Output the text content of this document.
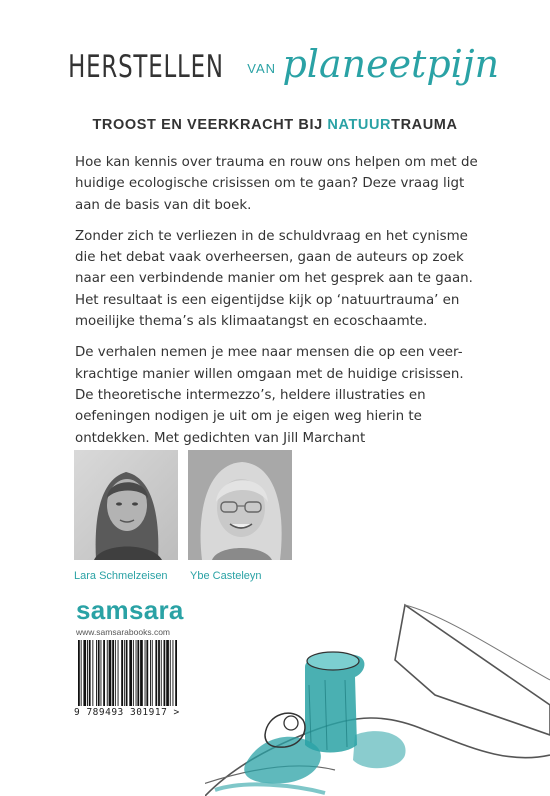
HERSTELLEN $^{VAN}$ planeetpijn
TROOST EN VEERKRACHT BIJ NATUURTRAUMA

Hoe kan kennis over trauma en rouw ons helpen om met de huidige ecologische crisissen om te gaan? Deze vraag ligt aan de basis van dit boek.

Zonder zich te verliezen in de schuldvraag en het cynisme die het debat vaak overheersen, gaan de auteurs op zoek naar een verbindende manier om het gesprek aan te gaan. Het resultaat is een eigentijdse kijk op ‘natuurtrauma’ en moeilijke thema’s als klimaatangst en ecoschaamte.

De verhalen nemen je mee naar mensen die op een veer-krachtige manier willen omgaan met de huidige crisissen. De theoretische intermezzo’s, heldere illustraties en oefeningen nodigen je uit om je eigen weg hierin te ontdekken. Met gedichten van Jill Marchant

Lara Schmelzeisen Ybe Casteleyn
samsara
www.samsarabooks.com
9 789493 301917 >
